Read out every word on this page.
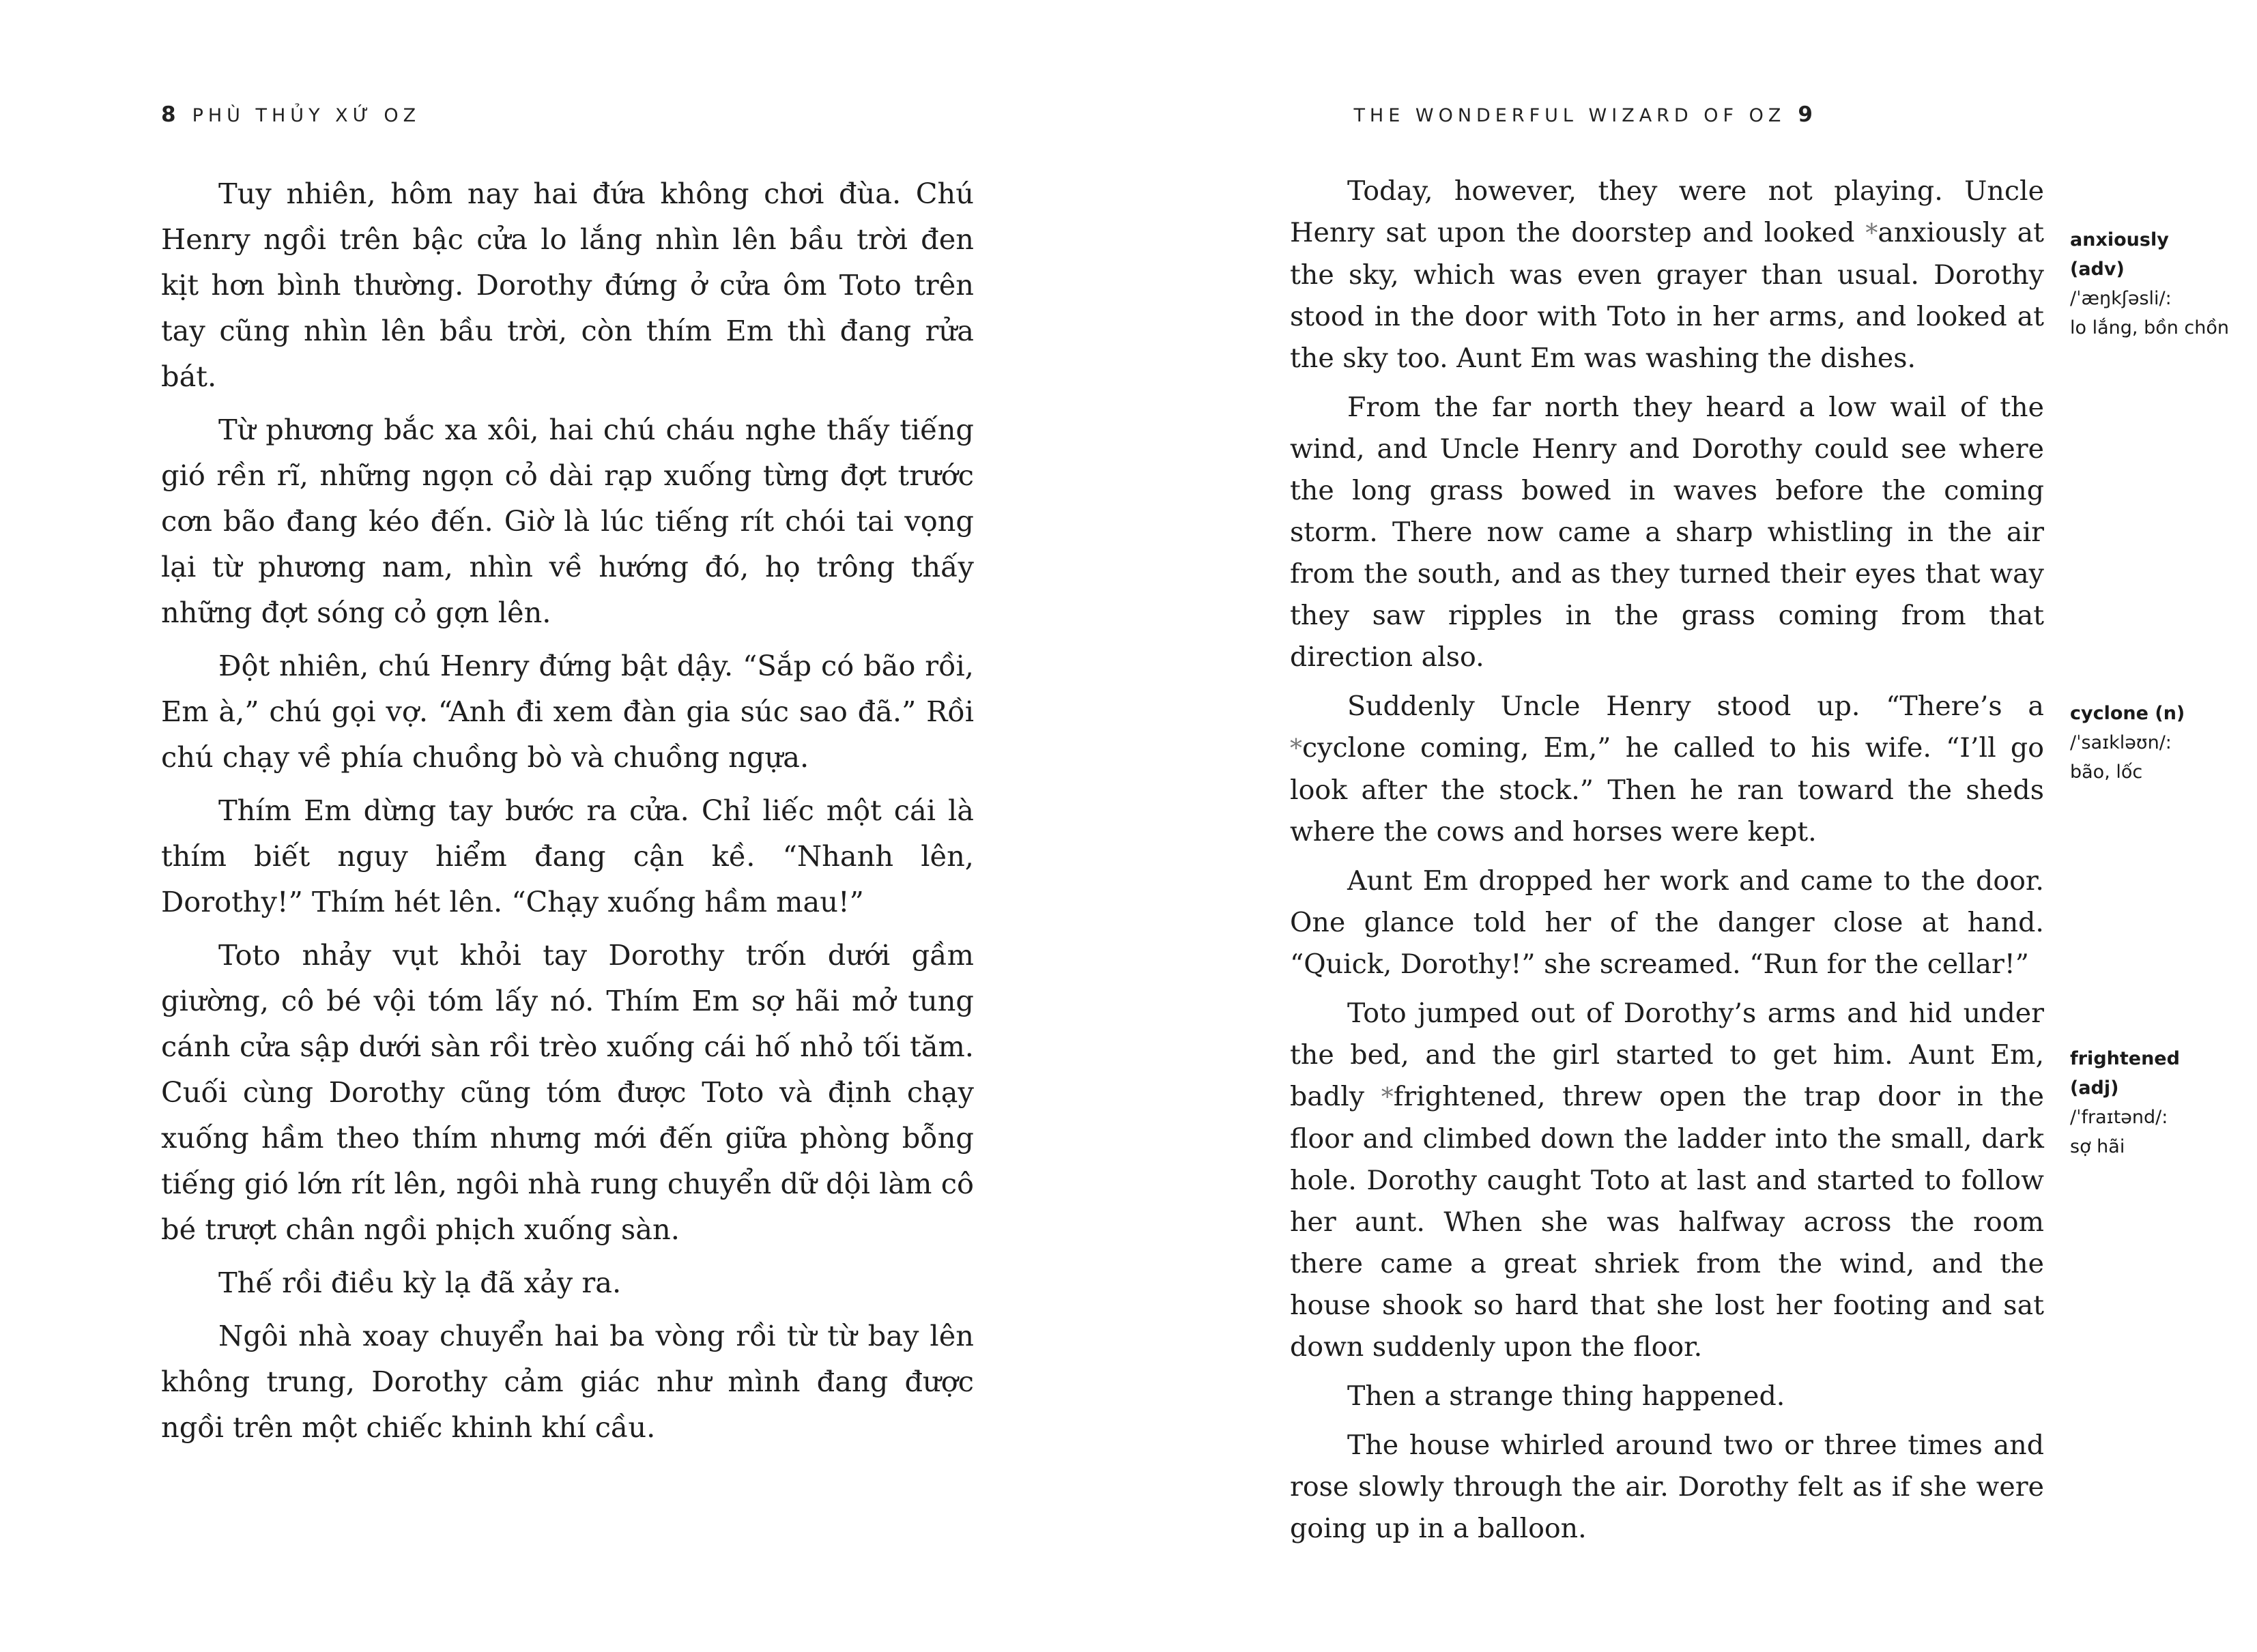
8 PHÙ THỦY XỨ OZ

Tuy nhiên, hôm nay hai đứa không chơi đùa. Chú Henry ngồi trên bậc cửa lo lắng nhìn lên bầu trời đen kịt hơn bình thường. Dorothy đứng ở cửa ôm Toto trên tay cũng nhìn lên bầu trời, còn thím Em thì đang rửa bát.

Từ phương bắc xa xôi, hai chú cháu nghe thấy tiếng gió rền rĩ, những ngọn cỏ dài rạp xuống từng đợt trước cơn bão đang kéo đến. Giờ là lúc tiếng rít chói tai vọng lại từ phương nam, nhìn về hướng đó, họ trông thấy những đợt sóng cỏ gợn lên.

Đột nhiên, chú Henry đứng bật dậy. “Sắp có bão rồi, Em à,” chú gọi vợ. “Anh đi xem đàn gia súc sao đã.” Rồi chú chạy về phía chuồng bò và chuồng ngựa.

Thím Em dừng tay bước ra cửa. Chỉ liếc một cái là thím biết nguy hiểm đang cận kề. “Nhanh lên, Dorothy!” Thím hét lên. “Chạy xuống hầm mau!”

Toto nhảy vụt khỏi tay Dorothy trốn dưới gầm giường, cô bé vội tóm lấy nó. Thím Em sợ hãi mở tung cánh cửa sập dưới sàn rồi trèo xuống cái hố nhỏ tối tăm. Cuối cùng Dorothy cũng tóm được Toto và định chạy xuống hầm theo thím nhưng mới đến giữa phòng bỗng tiếng gió lớn rít lên, ngôi nhà rung chuyển dữ dội làm cô bé trượt chân ngồi phịch xuống sàn.

Thế rồi điều kỳ lạ đã xảy ra.

Ngôi nhà xoay chuyển hai ba vòng rồi từ từ bay lên không trung, Dorothy cảm giác như mình đang được ngồi trên một chiếc khinh khí cầu.

THE WONDERFUL WIZARD OF OZ 9

Today, however, they were not playing. Uncle Henry sat upon the doorstep and looked *anxiously at the sky, which was even grayer than usual. Dorothy stood in the door with Toto in her arms, and looked at the sky too. Aunt Em was washing the dishes.

From the far north they heard a low wail of the wind, and Uncle Henry and Dorothy could see where the long grass bowed in waves before the coming storm. There now came a sharp whistling in the air from the south, and as they turned their eyes that way they saw ripples in the grass coming from that direction also.

Suddenly Uncle Henry stood up. “There’s a *cyclone coming, Em,” he called to his wife. “I’ll go look after the stock.” Then he ran toward the sheds where the cows and horses were kept.

Aunt Em dropped her work and came to the door. One glance told her of the danger close at hand. “Quick, Dorothy!” she screamed. “Run for the cellar!”

Toto jumped out of Dorothy’s arms and hid under the bed, and the girl started to get him. Aunt Em, badly *frightened, threw open the trap door in the floor and climbed down the ladder into the small, dark hole. Dorothy caught Toto at last and started to follow her aunt. When she was halfway across the room there came a great shriek from the wind, and the house shook so hard that she lost her footing and sat down suddenly upon the floor.

Then a strange thing happened.

The house whirled around two or three times and rose slowly through the air. Dorothy felt as if she were going up in a balloon.

anxiously
(adv)
/ˈæŋkʃəsli/:
lo lắng, bồn chồn
cyclone (n)
/ˈsaɪkləʊn/:
bão, lốc
frightened
(adj)
/ˈfraɪtənd/:
sợ hãi
